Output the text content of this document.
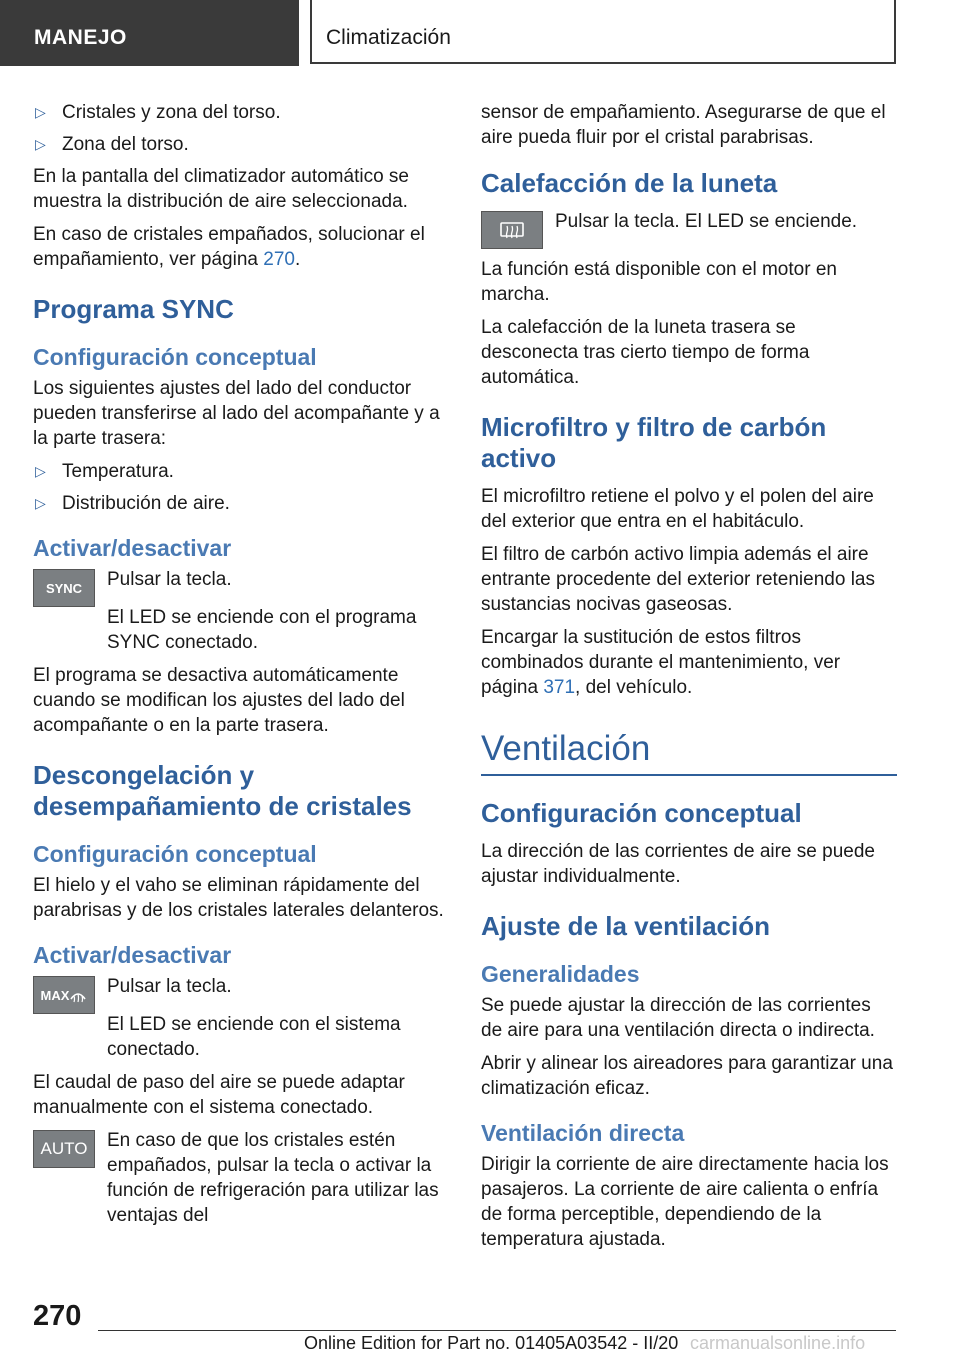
MANEJO	Climatización

▷ Cristales y zona del torso.

▷ Zona del torso.

En la pantalla del climatizador automático se muestra la distribución de aire seleccionada.

En caso de cristales empañados, solucionar el empañamiento, ver página 270.

Programa SYNC
Configuración conceptual

Los siguientes ajustes del lado del conductor pueden transferirse al lado del acompañante y a la parte trasera:

▷ Temperatura.

▷ Distribución de aire.

Activar/desactivar
SYNC	Pulsar la tecla.

El LED se enciende con el programa SYNC conectado.

El programa se desactiva automáticamente cuando se modifican los ajustes del lado del acompañante o en la parte trasera.

Descongelación y desempañamiento de cristales
Configuración conceptual

El hielo y el vaho se eliminan rápidamente del parabrisas y de los cristales laterales delanteros.

Activar/desactivar
MAX Pulsar la tecla.

El LED se enciende con el sistema conectado.

El caudal de paso del aire se puede adaptar manualmente con el sistema conectado.

AUTO	En caso de que los cristales estén empañados, pulsar la tecla o activar la función de refrigeración para utilizar las ventajas del

sensor de empañamiento. Asegurarse de que el aire pueda fluir por el cristal parabrisas.

Calefacción de la luneta

Pulsar la tecla. El LED se enciende.

La función está disponible con el motor en marcha.

La calefacción de la luneta trasera se desconecta tras cierto tiempo de forma automática.

Microfiltro y filtro de carbón activo

El microfiltro retiene el polvo y el polen del aire del exterior que entra en el habitáculo.

El filtro de carbón activo limpia además el aire entrante procedente del exterior reteniendo las sustancias nocivas gaseosas.

Encargar la sustitución de estos filtros combinados durante el mantenimiento, ver página 371, del vehículo.

Ventilación
Configuración conceptual

La dirección de las corrientes de aire se puede ajustar individualmente.

Ajuste de la ventilación
Generalidades

Se puede ajustar la dirección de las corrientes de aire para una ventilación directa o indirecta.

Abrir y alinear los aireadores para garantizar una climatización eficaz.

Ventilación directa

Dirigir la corriente de aire directamente hacia los pasajeros. La corriente de aire calienta o enfría de forma perceptible, dependiendo de la temperatura ajustada.

270
Online Edition for Part no. 01405A03542 - II/20 carmanualsonline.info
